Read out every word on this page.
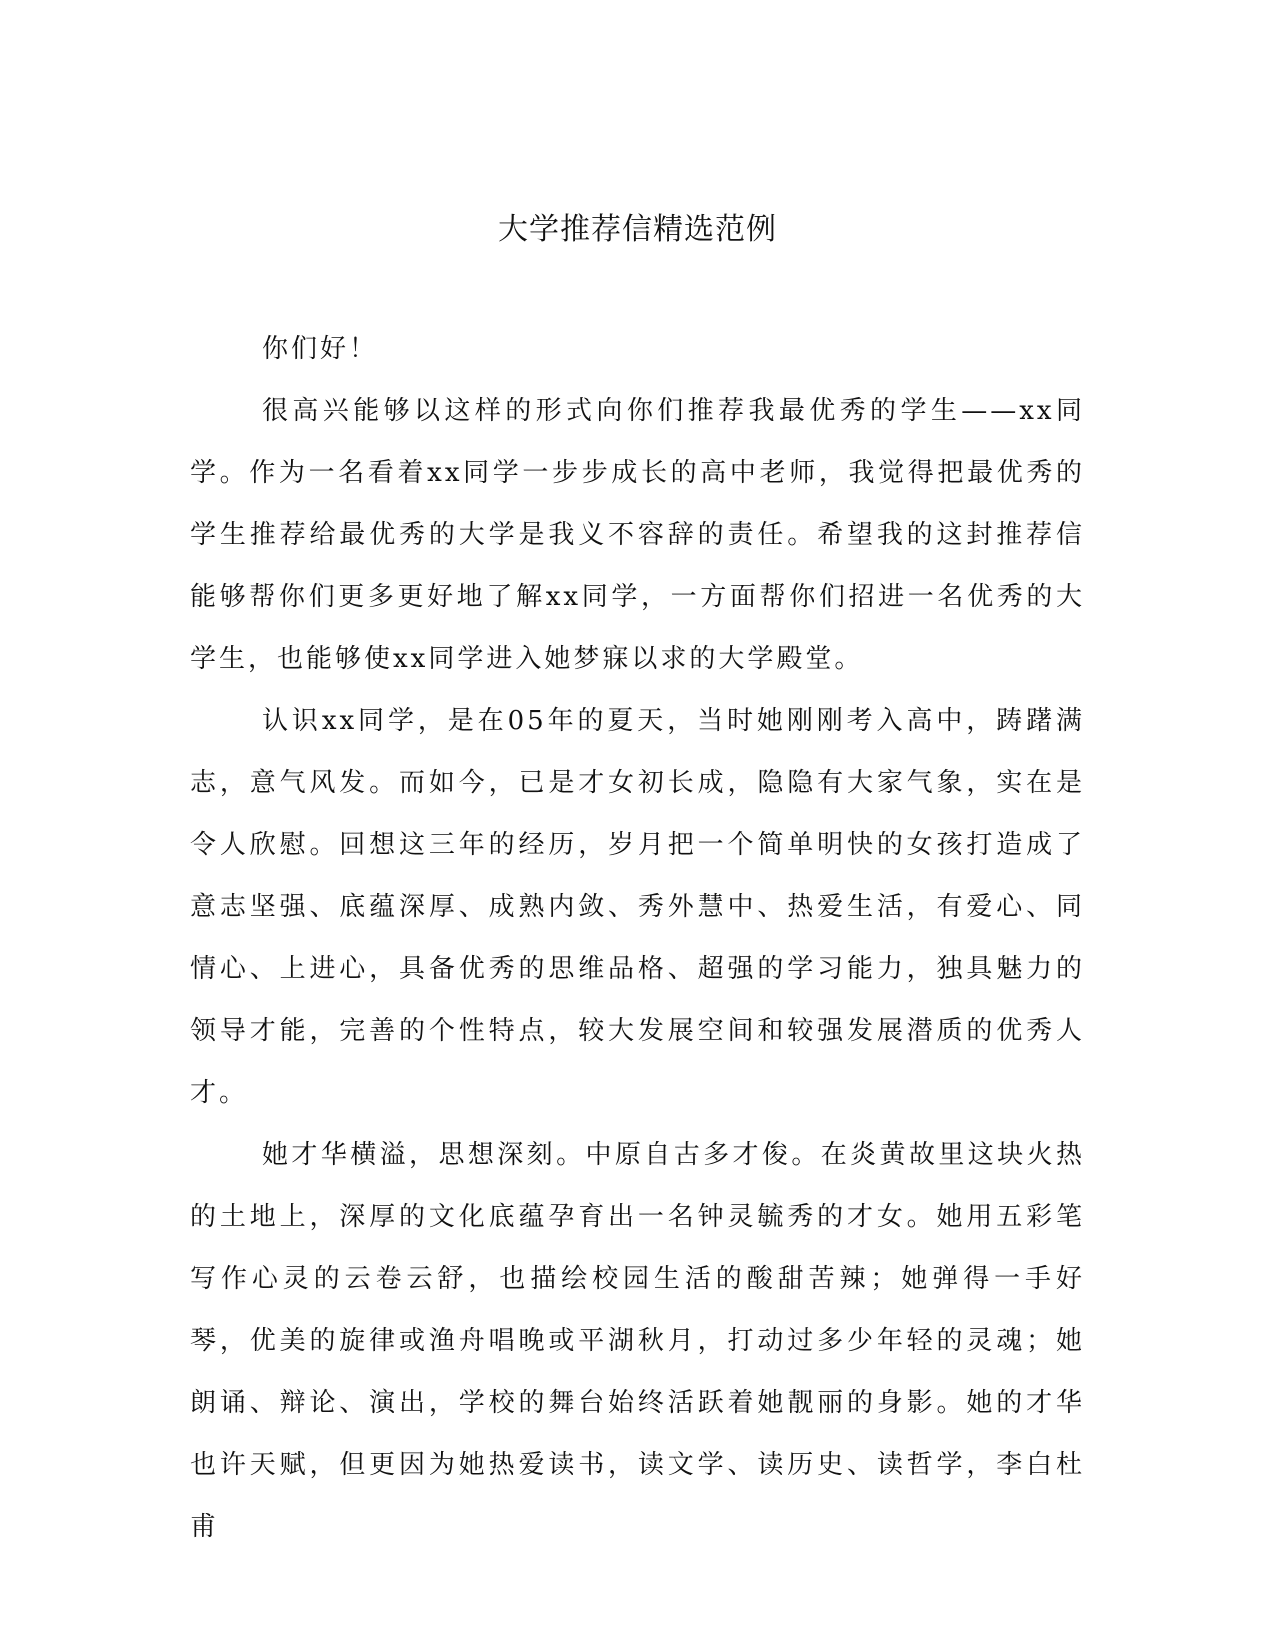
大学推荐信精选范例

你们好！

很高兴能够以这样的形式向你们推荐我最优秀的学生——xx同学。作为一名看着xx同学一步步成长的高中老师，我觉得把最优秀的学生推荐给最优秀的大学是我义不容辞的责任。希望我的这封推荐信能够帮你们更多更好地了解xx同学，一方面帮你们招进一名优秀的大学生，也能够使xx同学进入她梦寐以求的大学殿堂。

认识xx同学，是在05年的夏天，当时她刚刚考入高中，踌躇满志，意气风发。而如今，已是才女初长成，隐隐有大家气象，实在是令人欣慰。回想这三年的经历，岁月把一个简单明快的女孩打造成了意志坚强、底蕴深厚、成熟内敛、秀外慧中、热爱生活，有爱心、同情心、上进心，具备优秀的思维品格、超强的学习能力，独具魅力的领导才能，完善的个性特点，较大发展空间和较强发展潜质的优秀人才。

她才华横溢，思想深刻。中原自古多才俊。在炎黄故里这块火热的土地上，深厚的文化底蕴孕育出一名钟灵毓秀的才女。她用五彩笔写作心灵的云卷云舒，也描绘校园生活的酸甜苦辣；她弹得一手好琴，优美的旋律或渔舟唱晚或平湖秋月，打动过多少年轻的灵魂；她朗诵、辩论、演出，学校的舞台始终活跃着她靓丽的身影。她的才华也许天赋，但更因为她热爱读书，读文学、读历史、读哲学，李白杜甫
